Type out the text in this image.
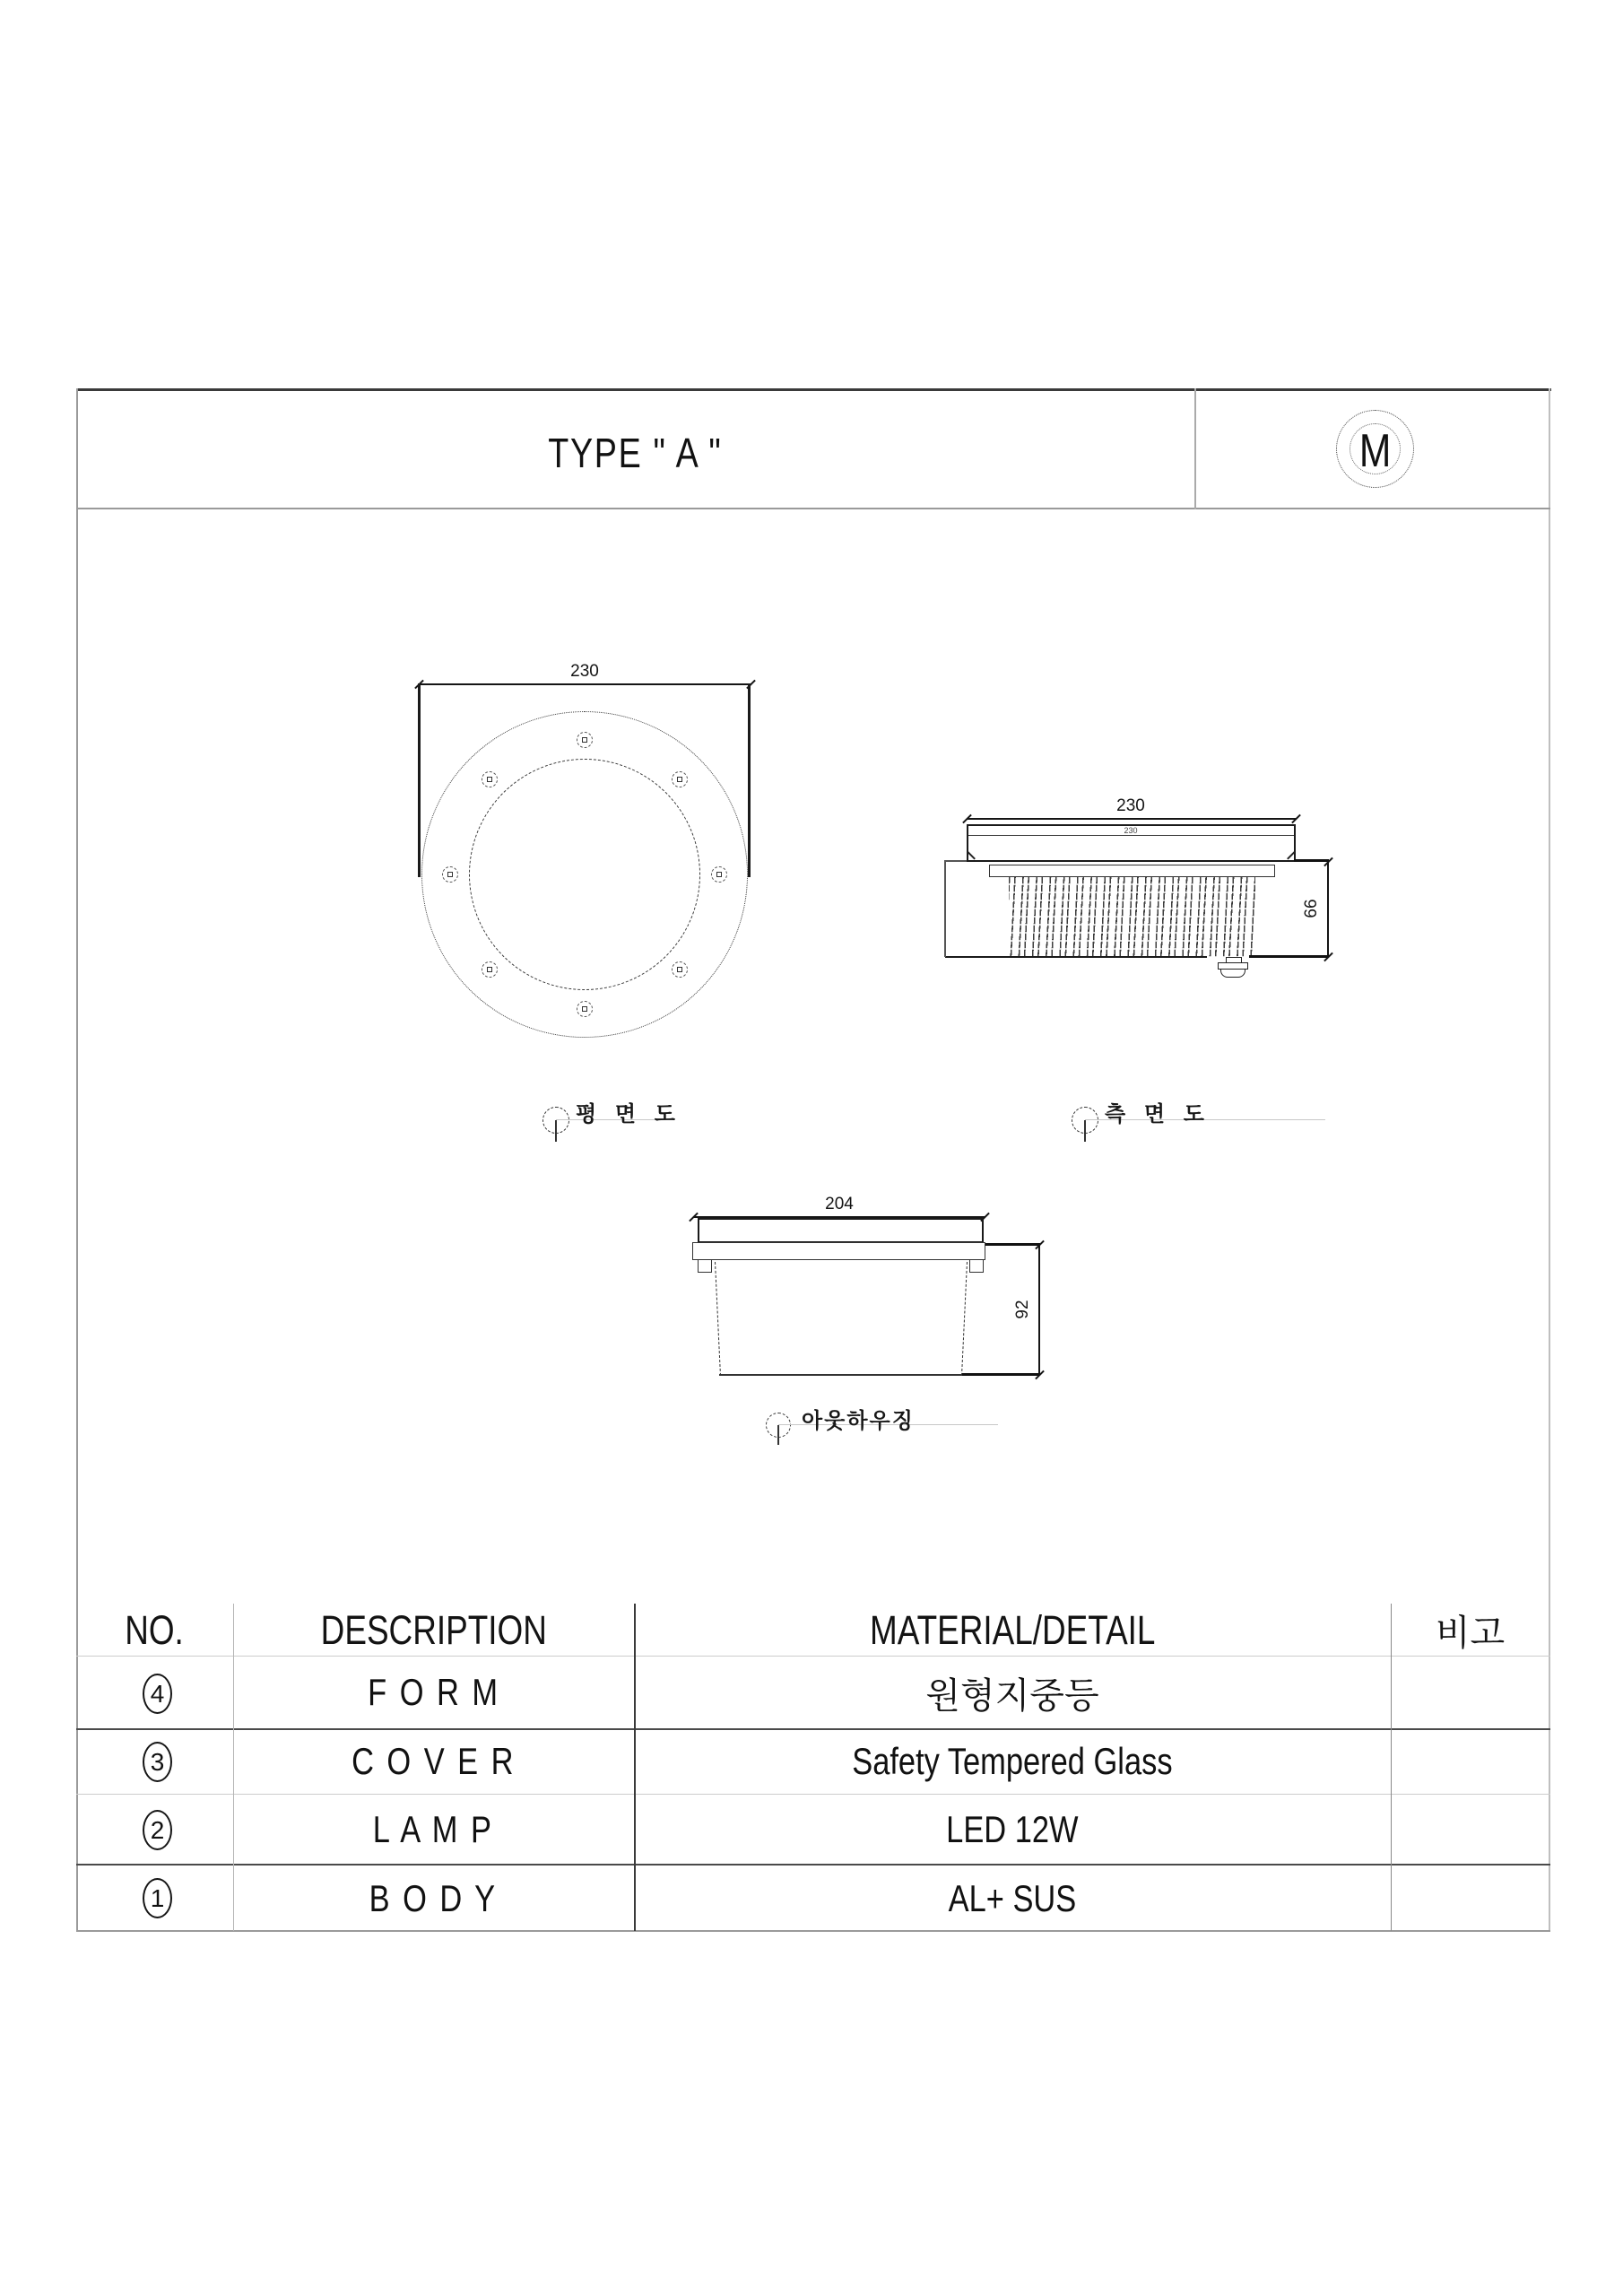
TYPE " A "	M
230
평 면 도
230
230
66
측 면 도
204
92
아웃하우징
NO.	DESCRIPTION	MATERIAL/DETAIL	비고
4	F O R M	원형지중등
3	C O V E R	Safety Tempered Glass
2	L A M P	LED 12W
1	B O D Y	AL+ SUS
